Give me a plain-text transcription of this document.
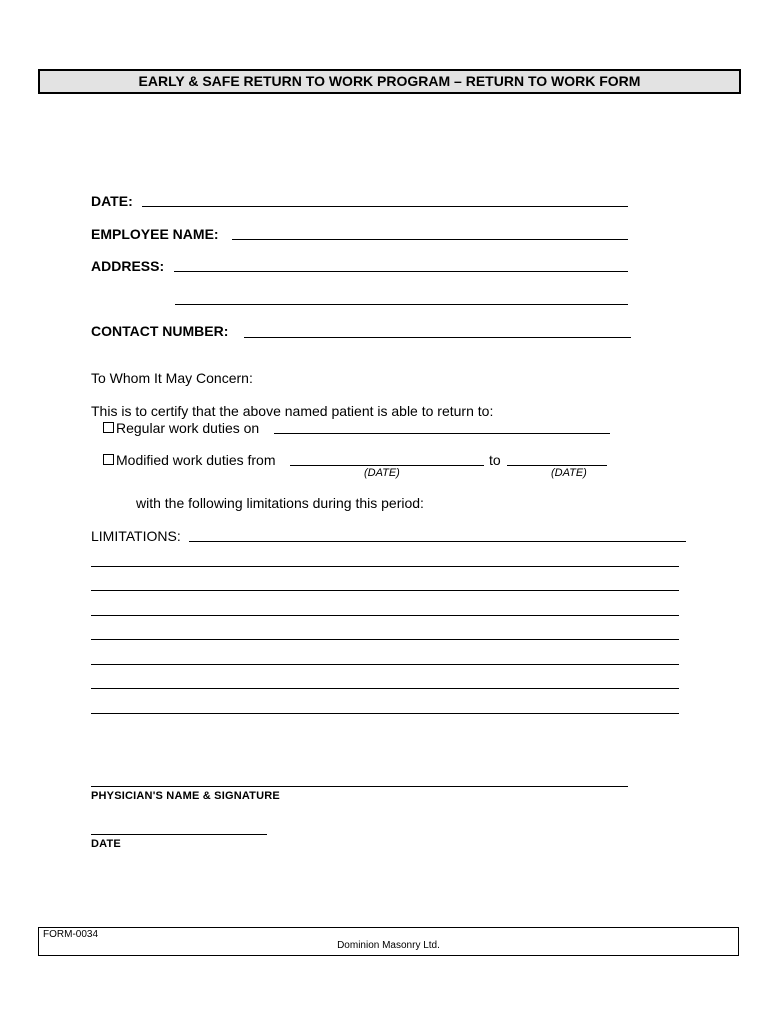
EARLY & SAFE RETURN TO WORK PROGRAM – RETURN TO WORK FORM
DATE:
EMPLOYEE NAME:
ADDRESS:
CONTACT NUMBER:
To Whom It May Concern:
This is to certify that the above named patient is able to return to:
Regular work duties on
Modified work duties from	to
(DATE)	(DATE)
with the following limitations during this period:
LIMITATIONS:
PHYSICIAN'S NAME & SIGNATURE
DATE
FORM-0034
Dominion Masonry Ltd.
